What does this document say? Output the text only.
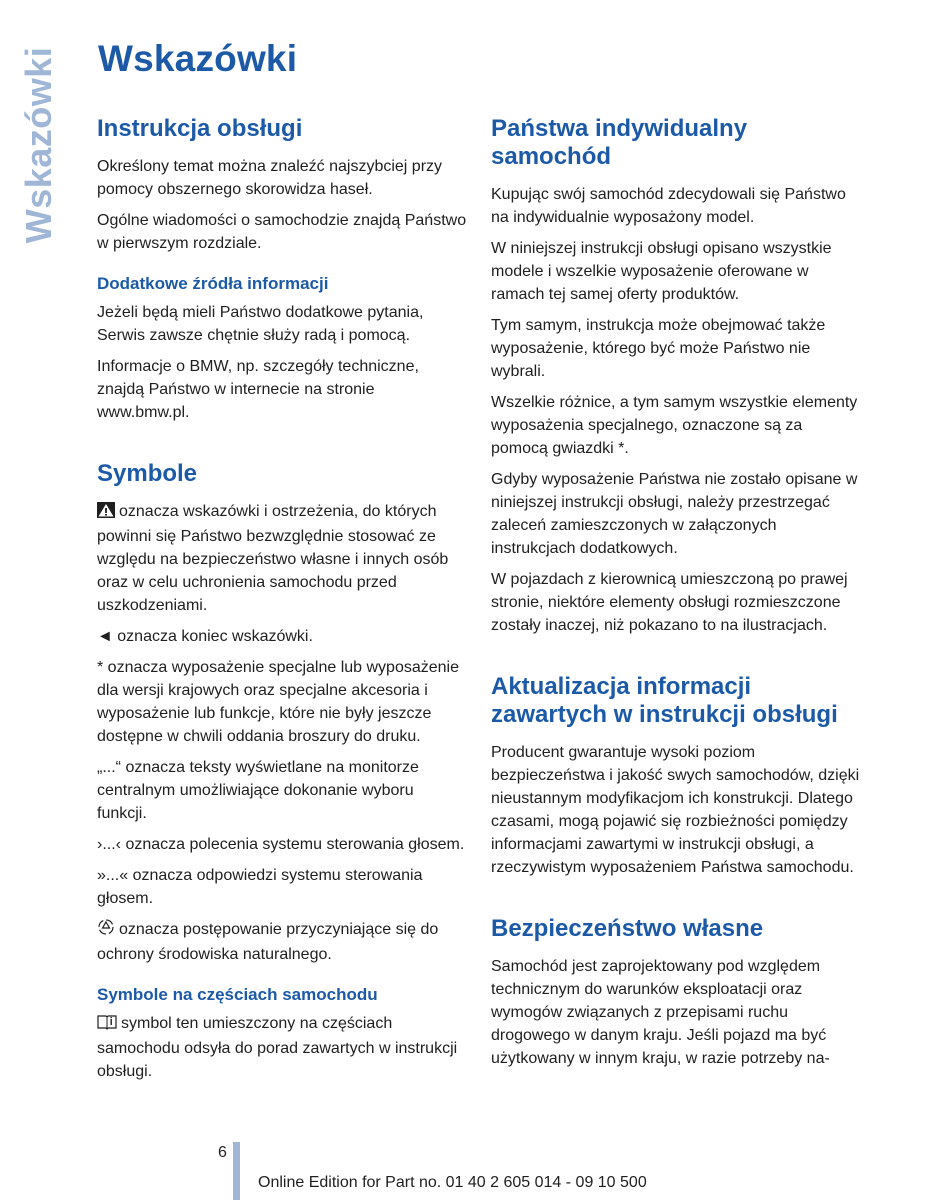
Wskazówki Wskazówki
Instrukcja obsługi

Określony temat można znaleźć najszybciej przy pomocy obszernego skorowidza haseł.

Ogólne wiadomości o samochodzie znajdą Państwo w pierwszym rozdziale.

Dodatkowe źródła informacji

Jeżeli będą mieli Państwo dodatkowe pytania, Serwis zawsze chętnie służy radą i pomocą.

Informacje o BMW, np. szczegóły techniczne, znajdą Państwo w internecie na stronie www.bmw.pl.

Symbole

oznacza wskazówki i ostrzeżenia, do których powinni się Państwo bezwzględnie stosować ze względu na bezpieczeństwo własne i innych osób oraz w celu uchronienia samochodu przed uszkodzeniami.

◄ oznacza koniec wskazówki.

* oznacza wyposażenie specjalne lub wyposażenie dla wersji krajowych oraz specjalne akcesoria i wyposażenie lub funkcje, które nie były jeszcze dostępne w chwili oddania broszury do druku.

„...“ oznacza teksty wyświetlane na monitorze centralnym umożliwiające dokonanie wyboru funkcji.

›...‹ oznacza polecenia systemu sterowania głosem.

»...« oznacza odpowiedzi systemu sterowania głosem.

oznacza postępowanie przyczyniające się do ochrony środowiska naturalnego.

Symbole na częściach samochodu

symbol ten umieszczony na częściach samochodu odsyła do porad zawartych w instrukcji obsługi.

Państwa indywidualny samochód

Kupując swój samochód zdecydowali się Państwo na indywidualnie wyposażony model.

W niniejszej instrukcji obsługi opisano wszystkie modele i wszelkie wyposażenie oferowane w ramach tej samej oferty produktów.

Tym samym, instrukcja może obejmować także wyposażenie, którego być może Państwo nie wybrali.

Wszelkie różnice, a tym samym wszystkie elementy wyposażenia specjalnego, oznaczone są za pomocą gwiazdki *.

Gdyby wyposażenie Państwa nie zostało opisane w niniejszej instrukcji obsługi, należy przestrzegać zaleceń zamieszczonych w załączonych instrukcjach dodatkowych.

W pojazdach z kierownicą umieszczoną po prawej stronie, niektóre elementy obsługi rozmieszczone zostały inaczej, niż pokazano to na ilustracjach.

Aktualizacja informacji zawartych w instrukcji obsługi

Producent gwarantuje wysoki poziom bezpieczeństwa i jakość swych samochodów, dzięki nieustannym modyfikacjom ich konstrukcji. Dlatego czasami, mogą pojawić się rozbieżności pomiędzy informacjami zawartymi w instrukcji obsługi, a rzeczywistym wyposażeniem Państwa samochodu.

Bezpieczeństwo własne

Samochód jest zaprojektowany pod względem technicznym do warunków eksploatacji oraz wymogów związanych z przepisami ruchu drogowego w danym kraju. Jeśli pojazd ma być użytkowany w innym kraju, w razie potrzeby na-

6
Online Edition for Part no. 01 40 2 605 014 - 09 10 500
